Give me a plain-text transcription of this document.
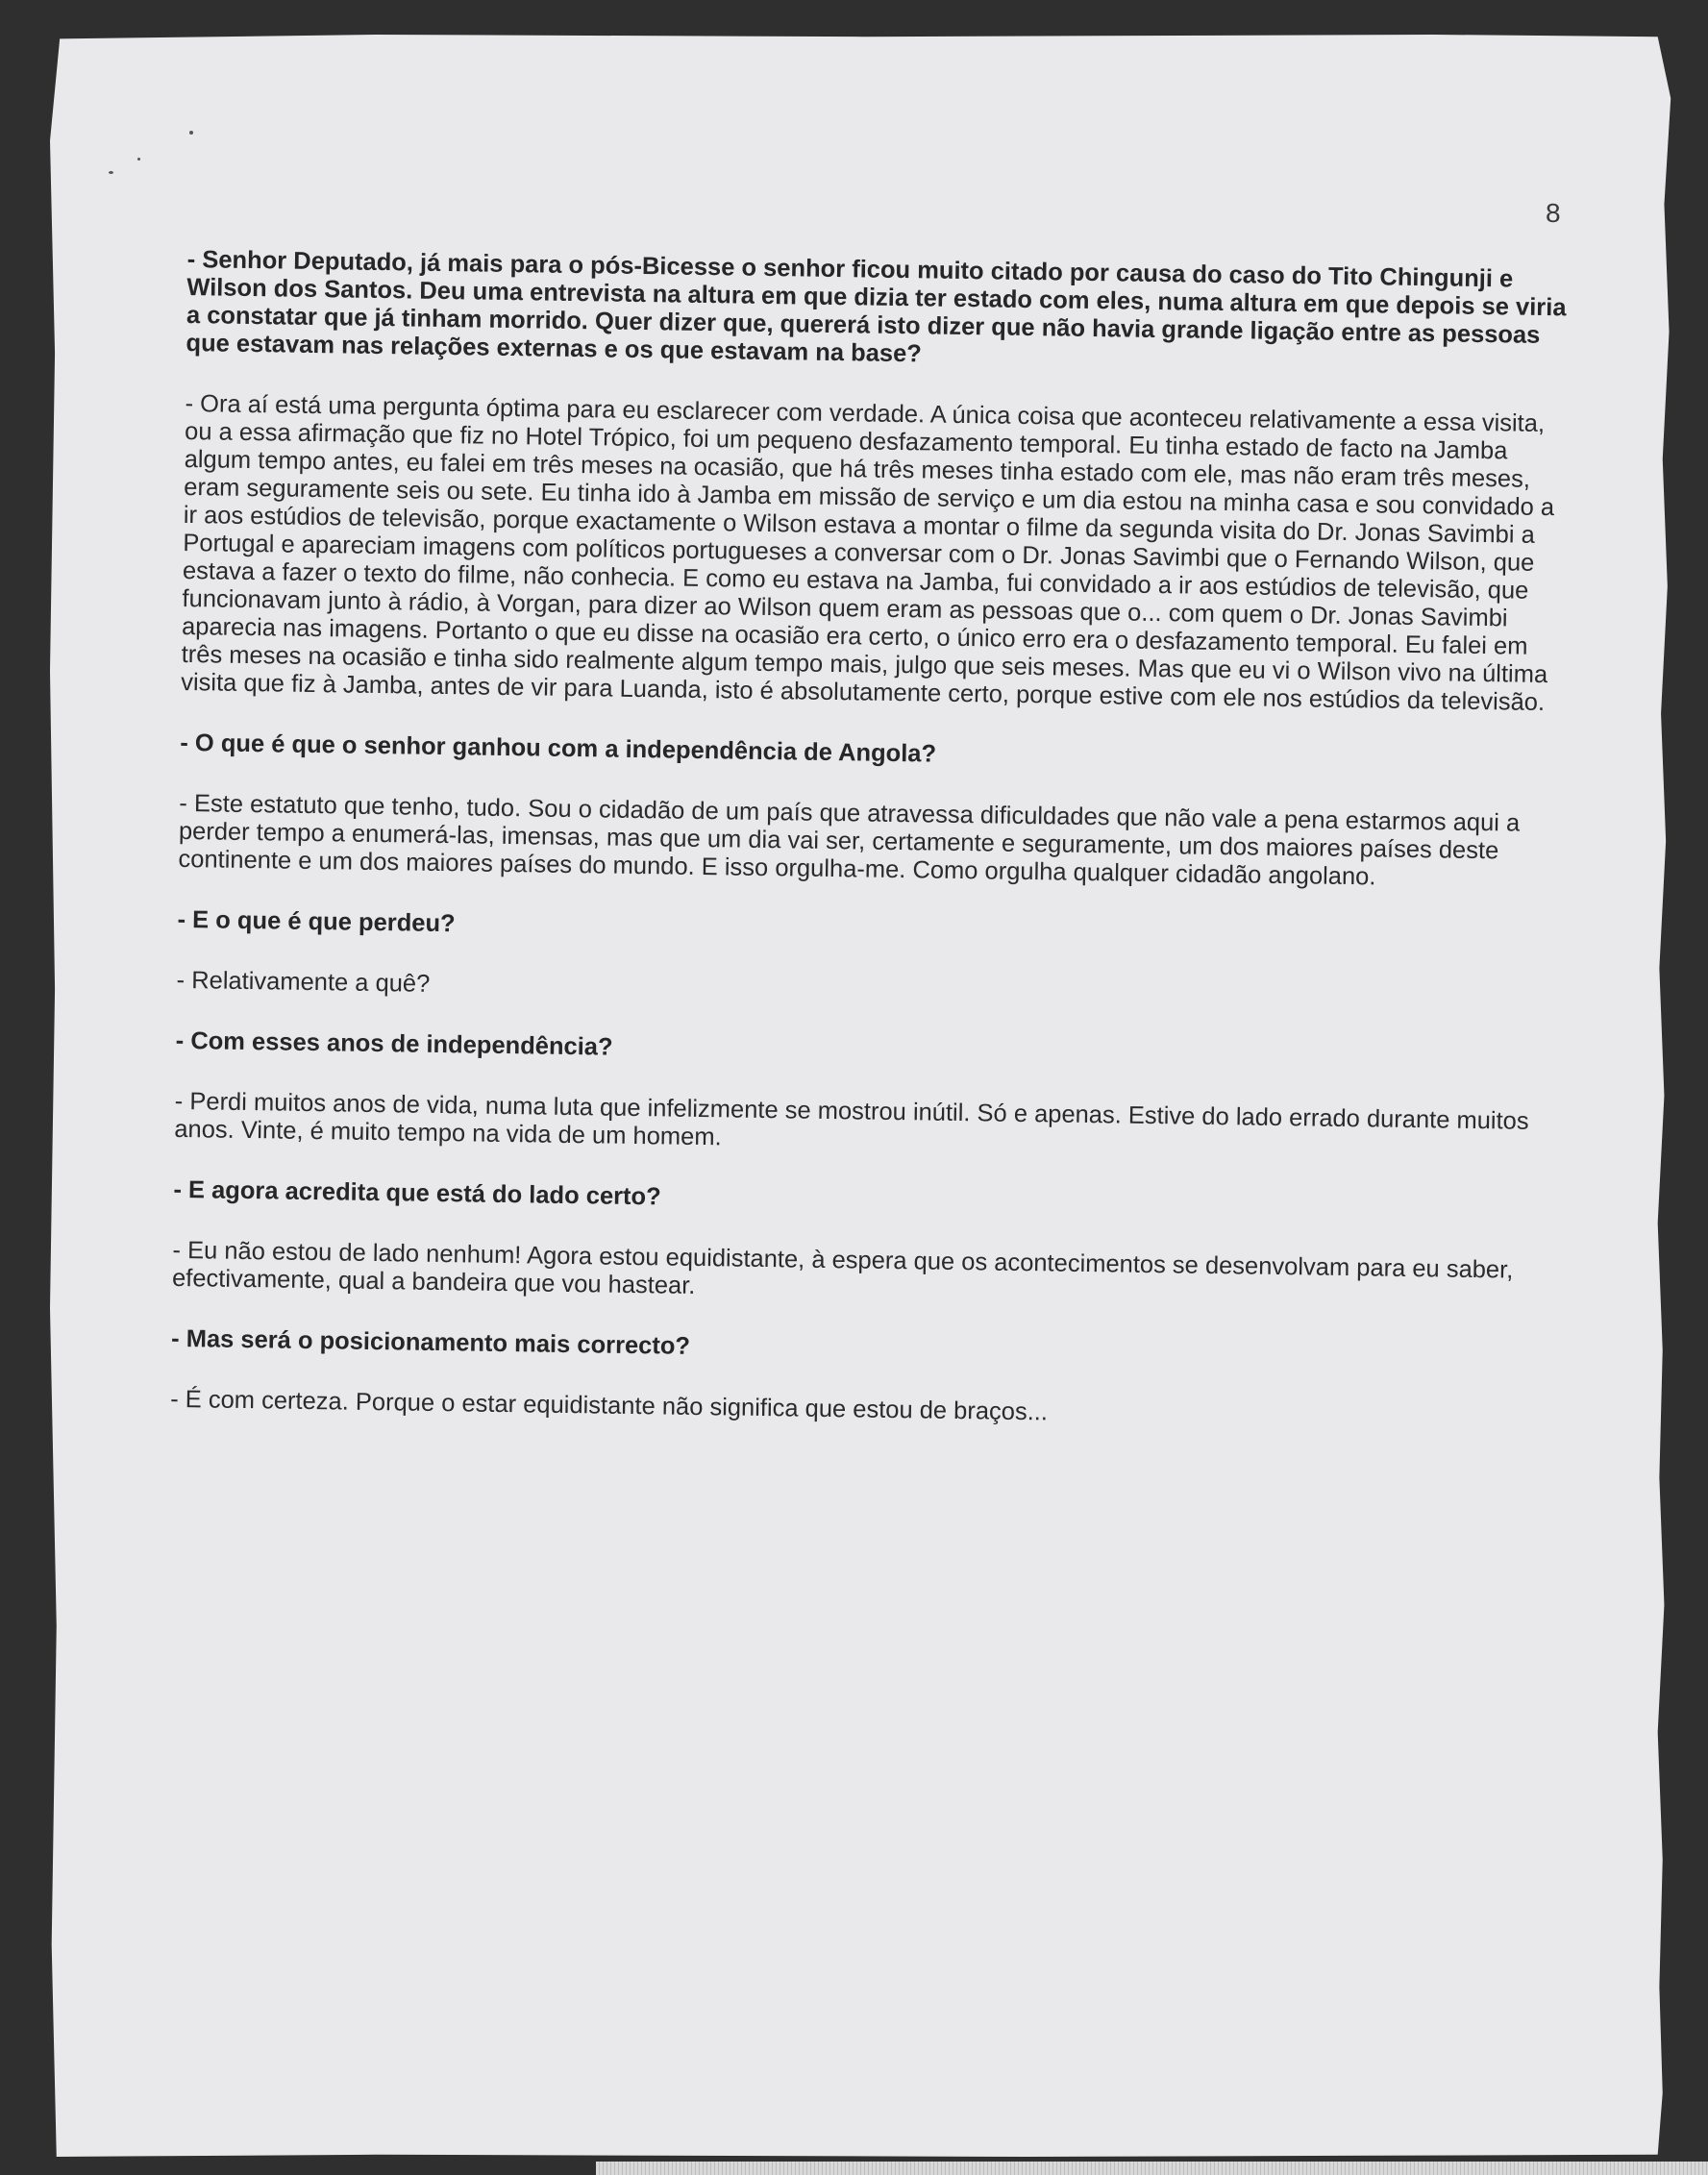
8

- Senhor Deputado, já mais para o pós-Bicesse o senhor ficou muito citado por causa do caso do Tito Chingunji e Wilson dos Santos. Deu uma entrevista na altura em que dizia ter estado com eles, numa altura em que depois se viria a constatar que já tinham morrido. Quer dizer que, quererá isto dizer que não havia grande ligação entre as pessoas que estavam nas relações externas e os que estavam na base?

- Ora aí está uma pergunta óptima para eu esclarecer com verdade. A única coisa que aconteceu relativamente a essa visita, ou a essa afirmação que fiz no Hotel Trópico, foi um pequeno desfazamento temporal. Eu tinha estado de facto na Jamba algum tempo antes, eu falei em três meses na ocasião, que há três meses tinha estado com ele, mas não eram três meses, eram seguramente seis ou sete. Eu tinha ido à Jamba em missão de serviço e um dia estou na minha casa e sou convidado a ir aos estúdios de televisão, porque exactamente o Wilson estava a montar o filme da segunda visita do Dr. Jonas Savimbi a Portugal e apareciam imagens com políticos portugueses a conversar com o Dr. Jonas Savimbi que o Fernando Wilson, que estava a fazer o texto do filme, não conhecia. E como eu estava na Jamba, fui convidado a ir aos estúdios de televisão, que funcionavam junto à rádio, à Vorgan, para dizer ao Wilson quem eram as pessoas que o... com quem o Dr. Jonas Savimbi aparecia nas imagens. Portanto o que eu disse na ocasião era certo, o único erro era o desfazamento temporal. Eu falei em três meses na ocasião e tinha sido realmente algum tempo mais, julgo que seis meses. Mas que eu vi o Wilson vivo na última visita que fiz à Jamba, antes de vir para Luanda, isto é absolutamente certo, porque estive com ele nos estúdios da televisão.

- O que é que o senhor ganhou com a independência de Angola?

- Este estatuto que tenho, tudo. Sou o cidadão de um país que atravessa dificuldades que não vale a pena estarmos aqui a perder tempo a enumerá-las, imensas, mas que um dia vai ser, certamente e seguramente, um dos maiores países deste continente e um dos maiores países do mundo. E isso orgulha-me. Como orgulha qualquer cidadão angolano.

- E o que é que perdeu?

- Relativamente a quê?

- Com esses anos de independência?

- Perdi muitos anos de vida, numa luta que infelizmente se mostrou inútil. Só e apenas. Estive do lado errado durante muitos anos. Vinte, é muito tempo na vida de um homem.

- E agora acredita que está do lado certo?

- Eu não estou de lado nenhum! Agora estou equidistante, à espera que os acontecimentos se desenvolvam para eu saber, efectivamente, qual a bandeira que vou hastear.

- Mas será o posicionamento mais correcto?

- É com certeza. Porque o estar equidistante não significa que estou de braços...
